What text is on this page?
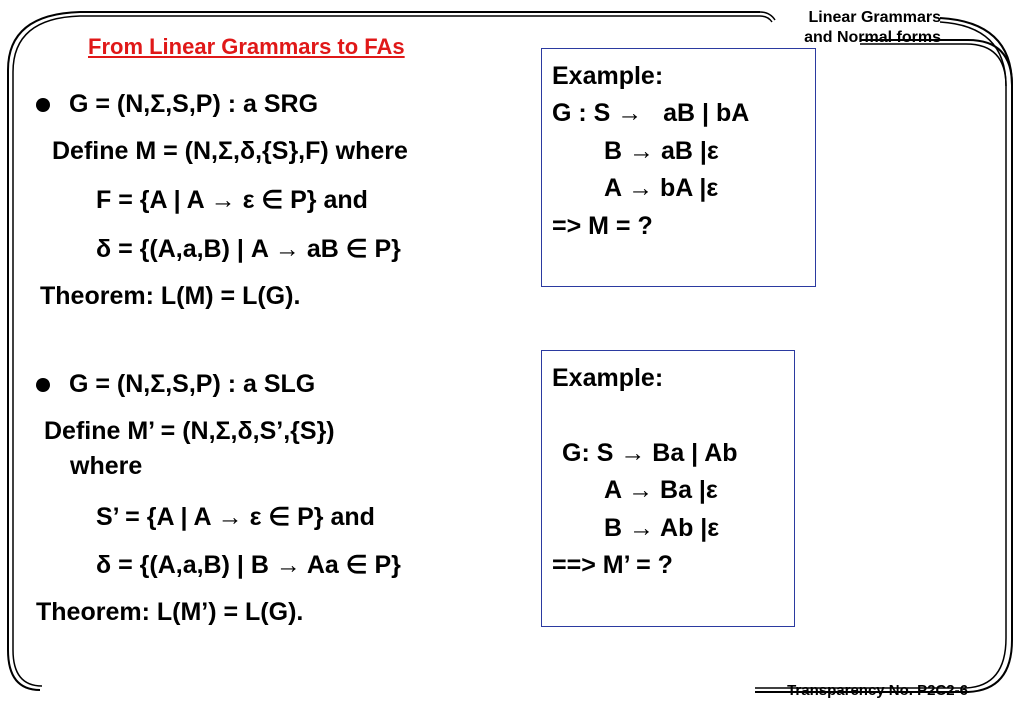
Linear Grammars
and Normal forms
From Linear Grammars to FAs
G = (N,Σ,S,P) : a SRG
Define M = (N,Σ,δ,{S},F) where
F = {A | A → ε ∈ P} and
δ = {(A,a,B) | A → aB ∈ P}
Theorem: L(M) = L(G).
G = (N,Σ,S,P) : a SLG
Define M’ = (N,Σ,δ,S’,{S})
where
S’ = {A | A → ε ∈ P} and
δ = {(A,a,B) | B → Aa ∈ P}
Theorem: L(M’) = L(G).
Example:
G : S →   aB | bA
B → aB |ε
A → bA |ε
=> M = ?
Example:
G: S → Ba | Ab
A → Ba |ε
B → Ab |ε
==> M’ = ?
Transparency No. P2C2-6
